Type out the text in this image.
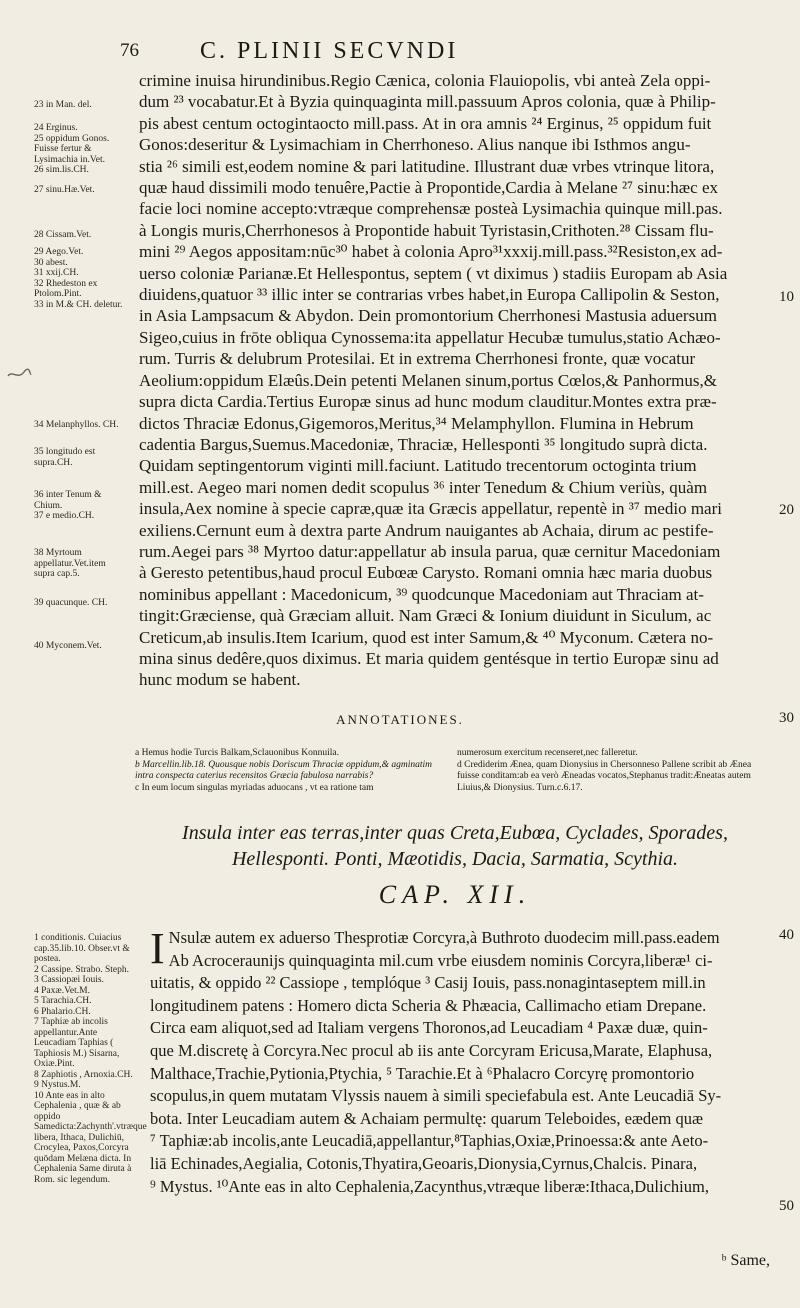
76	C. PLINII SECVNDI

23 in Man. del.

24 Erginus.
25 oppidum Gonos.
Fuisse fertur & Lysimachia in.Vet.
26 sim.lis.CH.

27 sinu.Hæ.Vet.

28 Cissam.Vet.

29 Aego.Vet.
30 abest.
31 xxij.CH.
32 Rhedeston ex Ptolom.Pint.
33 in M.& CH. deletur.

34 Melanphyllos. CH.

35 longitudo est supra.CH.

36 inter Tenum & Chium.
37 e medio.CH.

38 Myrtoum appellatur.Vet.item supra cap.5.

39 quacunque. CH.

40 Myconem.Vet.

10
20
30
40
50

crimine inuisa hirundinibus.Regio Cænica, colonia Flauiopolis, vbi anteà Zela oppi-

dum ²³ vocabatur.Et à Byzia quinquaginta mill.passuum Apros colonia, quæ à Philip-

pis abest centum octogintaocto mill.pass. At in ora amnis ²⁴ Erginus, ²⁵ oppidum fuit

Gonos:deseritur & Lysimachiam in Cherrhoneso. Alius nanque ibi Isthmos angu-

stia ²⁶ simili est,eodem nomine & pari latitudine. Illustrant duæ vrbes vtrinque litora,

quæ haud dissimili modo tenuêre,Pactie à Propontide,Cardia à Melane ²⁷ sinu:hæc ex

facie loci nomine accepto:vtræque comprehensæ posteà Lysimachia quinque mill.pas.

à Longis muris,Cherrhonesos à Propontide habuit Tyristasin,Crithoten.²⁸ Cissam flu-

mini ²⁹ Aegos appositam:nūc³⁰ habet à colonia Apro³¹xxxij.mill.pass.³²Resiston,ex ad-

uerso coloniæ Parianæ.Et Hellespontus, septem ( vt diximus ) stadiis Europam ab Asia

diuidens,quatuor ³³ illic inter se contrarias vrbes habet,in Europa Callipolin & Seston,

in Asia Lampsacum & Abydon. Dein promontorium Cherrhonesi Mastusia aduersum

Sigeo,cuius in frōte obliqua Cynossema:ita appellatur Hecubæ tumulus,statio Achæo-

rum. Turris & delubrum Protesilai. Et in extrema Cherrhonesi fronte, quæ vocatur

Aeolium:oppidum Elæûs.Dein petenti Melanen sinum,portus Cœlos,& Panhormus,&

supra dicta Cardia.Tertius Europæ sinus ad hunc modum clauditur.Montes extra præ-

dictos Thraciæ Edonus,Gigemoros,Meritus,³⁴ Melamphyllon. Flumina in Hebrum

cadentia Bargus,Suemus.Macedoniæ, Thraciæ, Hellesponti ³⁵ longitudo suprà dicta.

Quidam septingentorum viginti mill.faciunt. Latitudo trecentorum octoginta trium

mill.est. Aegeo mari nomen dedit scopulus ³⁶ inter Tenedum & Chium veriùs, quàm

insula,Aex nomine à specie capræ,quæ ita Græcis appellatur, repentè in ³⁷ medio mari

exiliens.Cernunt eum à dextra parte Andrum nauigantes ab Achaia, dirum ac pestife-

rum.Aegei pars ³⁸ Myrtoo datur:appellatur ab insula parua, quæ cernitur Macedoniam

à Geresto petentibus,haud procul Eubœæ Carysto. Romani omnia hæc maria duobus

nominibus appellant : Macedonicum, ³⁹ quodcunque Macedoniam aut Thraciam at-

tingit:Græciense, quà Græciam alluit. Nam Græci & Ionium diuidunt in Siculum, ac

Creticum,ab insulis.Item Icarium, quod est inter Samum,& ⁴⁰ Myconum. Cætera no-

mina sinus dedêre,quos diximus. Et maria quidem gentésque in tertio Europæ sinu ad

hunc modum se habent.

ANNOTATIONES.

a Hemus hodie Turcis Balkam,Sclauonibus Konnuila.

b Marcellin.lib.18. Quousque nobis Doriscum Thraciæ oppidum,& agminatim intra conspecta caterius recensitos Græcia fabulosa narrabis?

c In eum locum singulas myriadas aduocans , vt ea ratione tam

numerosum exercitum recenseret,nec falleretur.

d Crediderim Ænea, quam Dionysius in Chersonneso Pallene scribit ab Ænea fuisse conditam:ab ea verò Æneadas vocatos,Stephanus tradit:Æneatas autem Liuius,& Dionysius. Turn.c.6.17.

Insula inter eas terras,inter quas Creta,Eubœa, Cyclades, Sporades,
Hellesponti. Ponti, Mæotidis, Dacia, Sarmatia, Scythia.
CAP. XII.
1 conditionis. Cuiacius cap.35.lib.10. Obser.vt & postea.
2 Cassipe. Strabo. Steph.
3 Cassiopæi Iouis.
4 Paxæ.Vet.M.
5 Tarachia.CH.
6 Phalario.CH.
7 Taphiæ ab incolis appellantur.Ante Leucadiam Taphias ( Taphiosis M.) Sisarna, Oxiæ.Pint.
8 Zaphiotis , Arnoxia.CH.
9 Nystus.M.
10 Ante eas in alto Cephalenia , quæ & ab oppido Samedicta:Zachynth'.vtræque libera, Ithaca, Dulichiū, Crocylea, Paxos,Corcyra quōdam Melæna dicta. In Cephalenia Same diruta à Rom. sic legendum.
I Nsulæ autem ex aduerso Thesprotiæ Corcyra,à Buthroto duodecim mill.pass.eadem

Ab Acroceraunijs quinquaginta mil.cum vrbe eiusdem nominis Corcyra,liberæ¹ ci-

uitatis, & oppido ²² Cassiope , templóque ³ Casij Iouis, pass.nonagintaseptem mill.in

longitudinem patens : Homero dicta Scheria & Phæacia, Callimacho etiam Drepane.

Circa eam aliquot,sed ad Italiam vergens Thoronos,ad Leucadiam ⁴ Paxæ duæ, quin-

que M.discretę à Corcyra.Nec procul ab iis ante Corcyram Ericusa,Marate, Elaphusa,

Malthace,Trachie,Pytionia,Ptychia, ⁵ Tarachie.Et à ⁶Phalacro Corcyrę promontorio

scopulus,in quem mutatam Vlyssis nauem à simili speciefabula est. Ante Leucadiā Sy-

bota. Inter Leucadiam autem & Achaiam permultę: quarum Teleboides, eædem quæ

⁷ Taphiæ:ab incolis,ante Leucadiā,appellantur,⁸Taphias,Oxiæ,Prinoessa:& ante Aeto-

liā Echinades,Aegialia, Cotonis,Thyatira,Geoaris,Dionysia,Cyrnus,Chalcis. Pinara,

⁹ Mystus. ¹⁰Ante eas in alto Cephalenia,Zacynthus,vtræque liberæ:Ithaca,Dulichium,

ᵇ Same,
